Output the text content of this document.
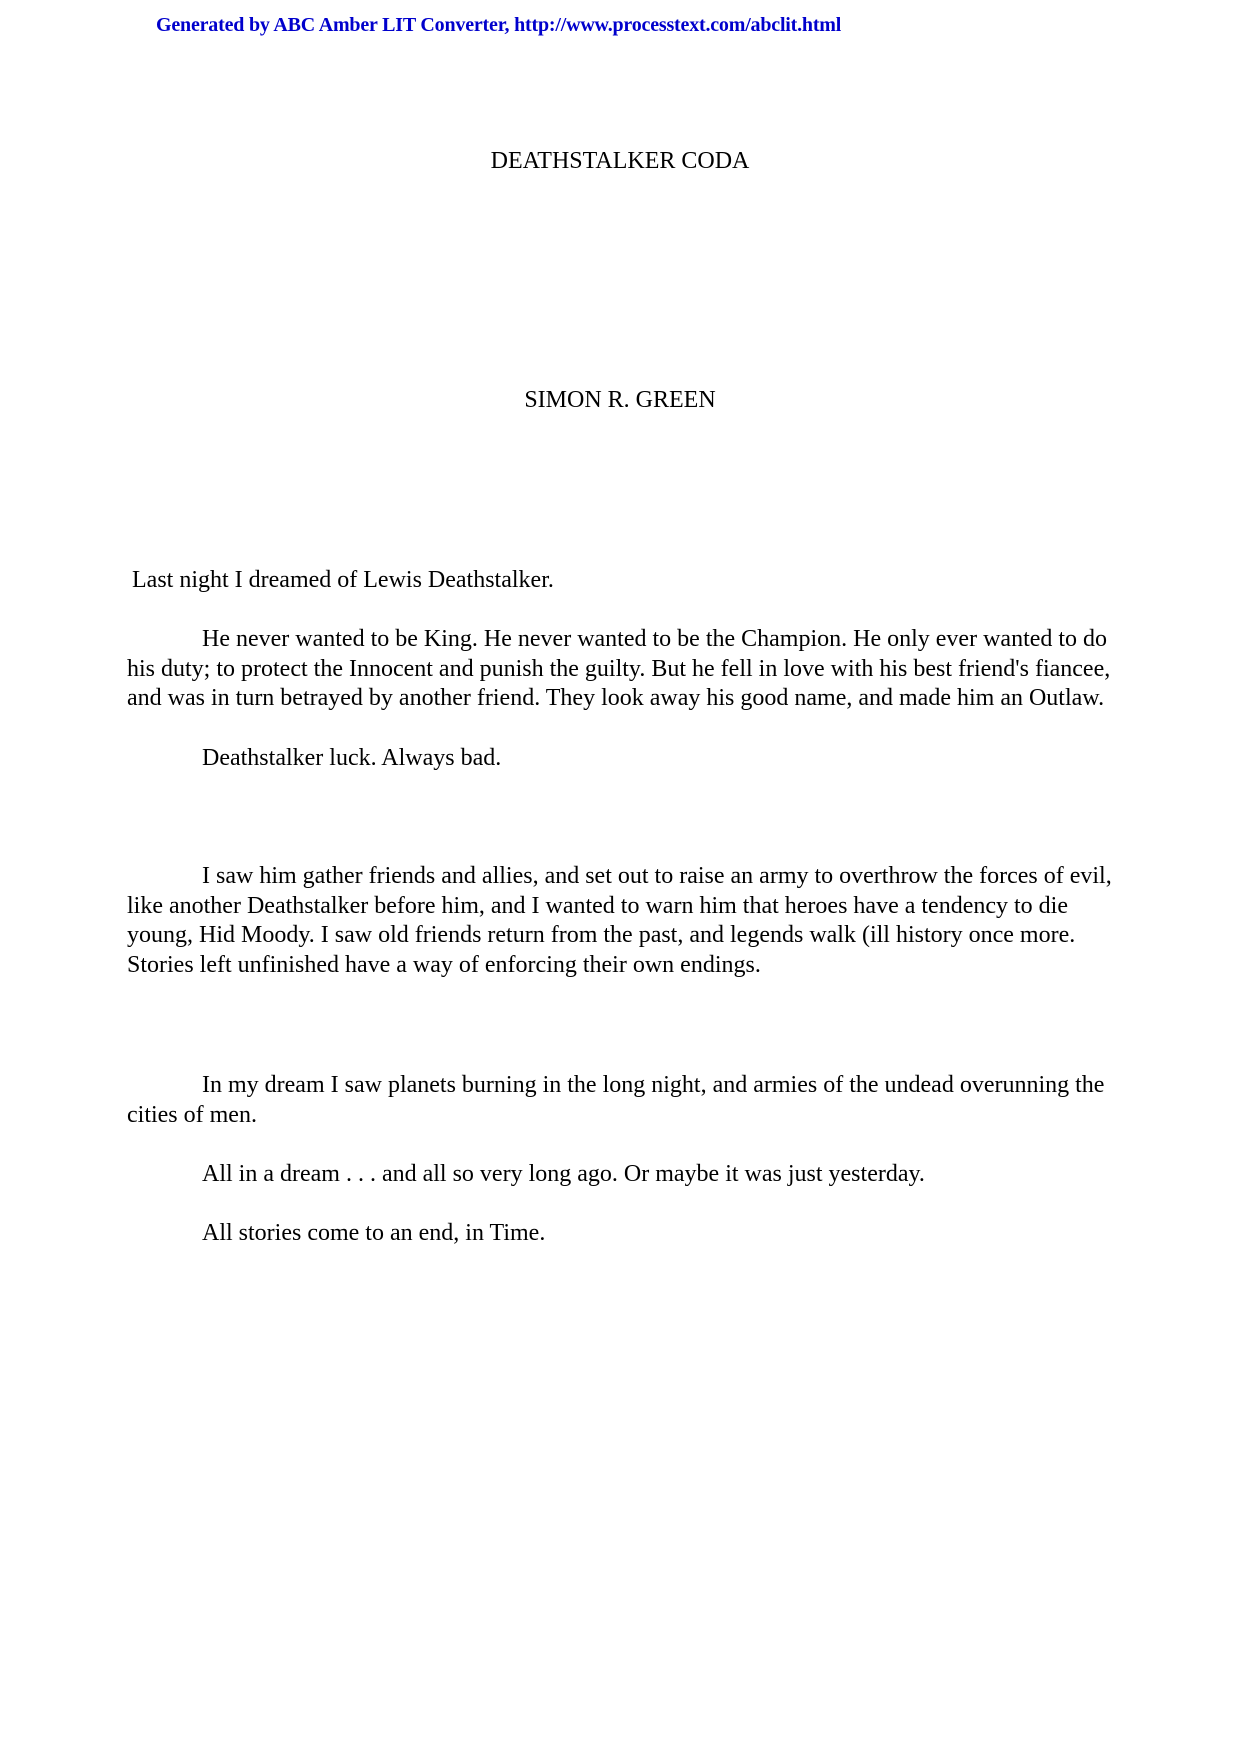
Generated by ABC Amber LIT Converter, http://www.processtext.com/abclit.html

DEATHSTALKER CODA

SIMON R. GREEN

Last night I dreamed of Lewis Deathstalker.

He never wanted to be King. He never wanted to be the Champion. He only ever wanted to do his duty; to protect the Innocent and punish the guilty. But he fell in love with his best friend's fiancee, and was in turn betrayed by another friend. They look away his good name, and made him an Outlaw.

Deathstalker luck. Always bad.

I saw him gather friends and allies, and set out to raise an army to overthrow the forces of evil, like another Deathstalker before him, and I wanted to warn him that heroes have a tendency to die young, Hid Moody. I saw old friends return from the past, and legends walk (ill history once more. Stories left unfinished have a way of enforcing their own endings.

In my dream I saw planets burning in the long night, and armies of the undead overunning the cities of men.

All in a dream . . . and all so very long ago. Or maybe it was just yesterday.

All stories come to an end, in Time.
